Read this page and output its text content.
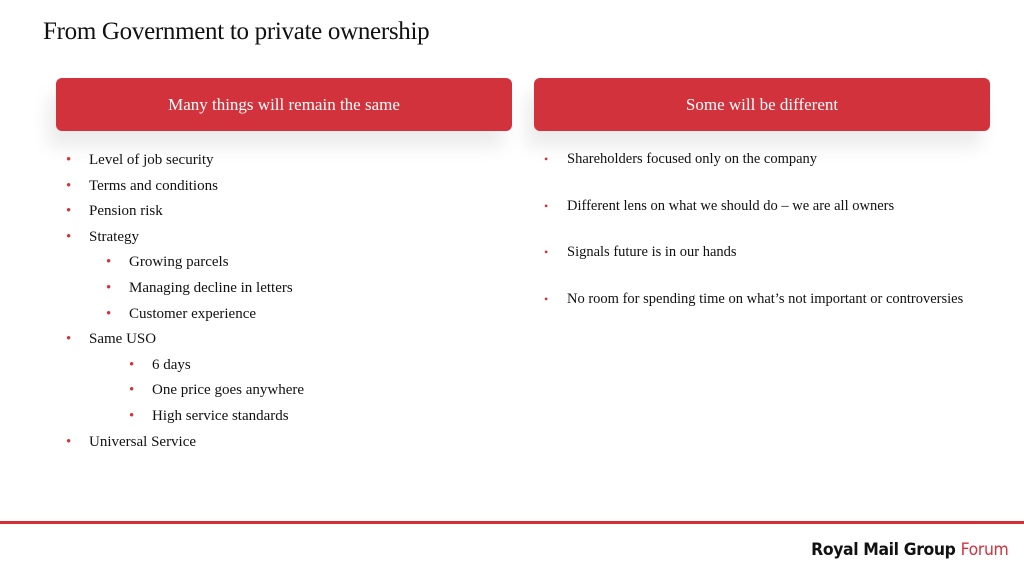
From Government to private ownership
Many things will remain the same	Some will be different
• Level of job security
• Terms and conditions
• Pension risk
• Strategy
• Growing parcels
• Managing decline in letters
• Customer experience
• Same USO
• 6 days
• One price goes anywhere
• High service standards
• Universal Service
• Shareholders focused only on the company
• Different lens on what we should do – we are all owners
• Signals future is in our hands
• No room for spending time on what’s not important or controversies
Royal Mail Group Forum
